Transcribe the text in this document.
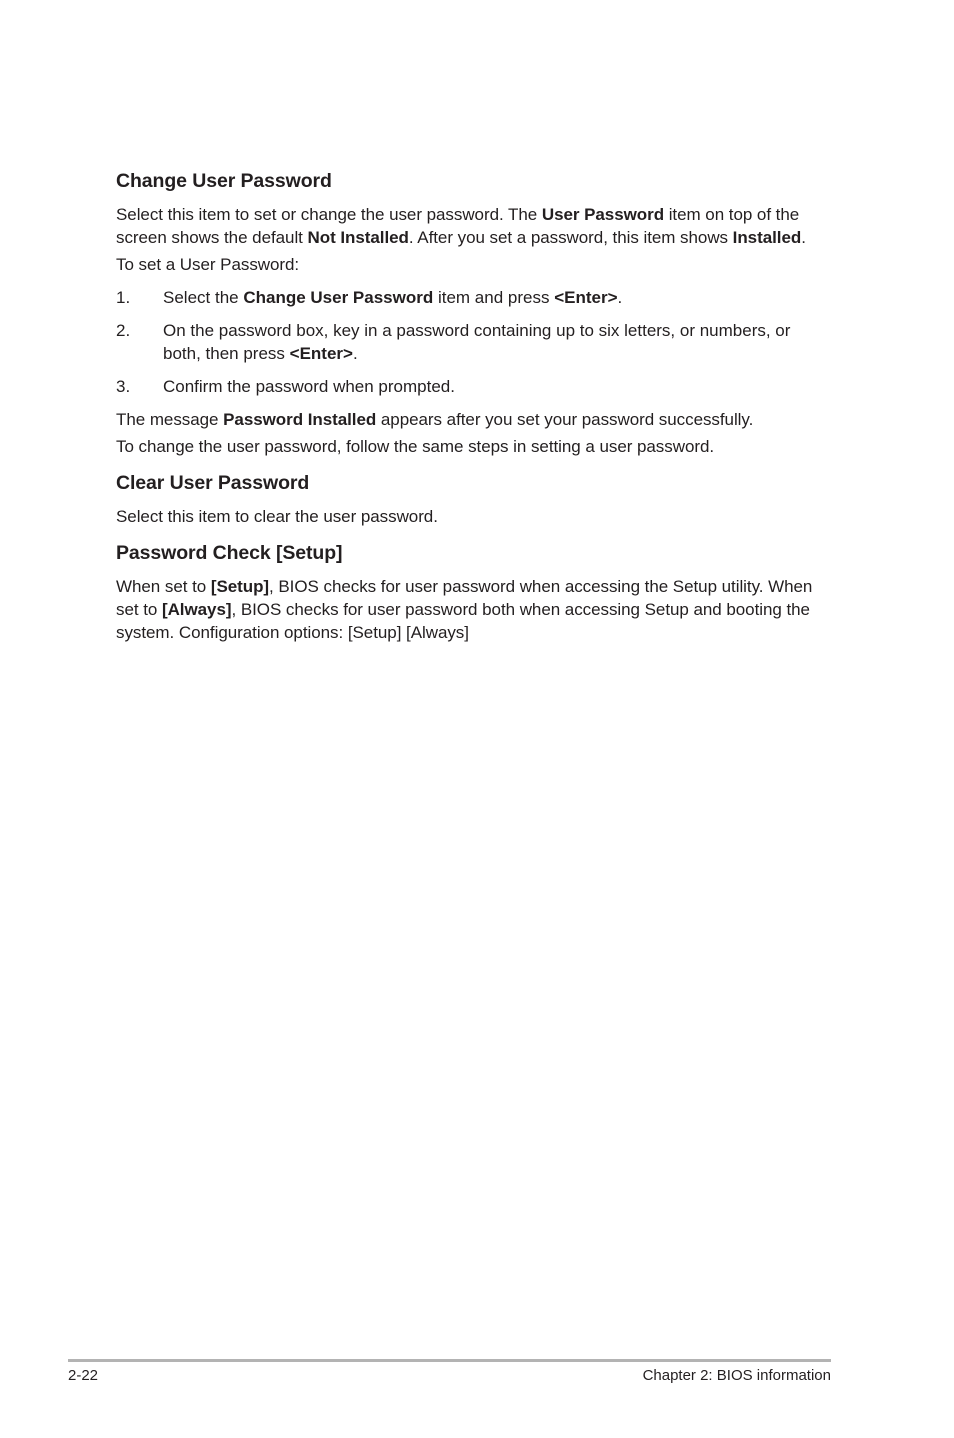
Change User Password

Select this item to set or change the user password. The User Password item on top of the screen shows the default Not Installed. After you set a password, this item shows Installed.

To set a User Password:

1.	Select the Change User Password item and press <Enter>.
2.	On the password box, key in a password containing up to six letters, or numbers, or both, then press <Enter>.
3.	Confirm the password when prompted.

The message Password Installed appears after you set your password successfully.

To change the user password, follow the same steps in setting a user password.

Clear User Password

Select this item to clear the user password.

Password Check [Setup]

When set to [Setup], BIOS checks for user password when accessing the Setup utility. When set to [Always], BIOS checks for user password both when accessing Setup and booting the system. Configuration options: [Setup] [Always]

2-22	Chapter 2: BIOS information
